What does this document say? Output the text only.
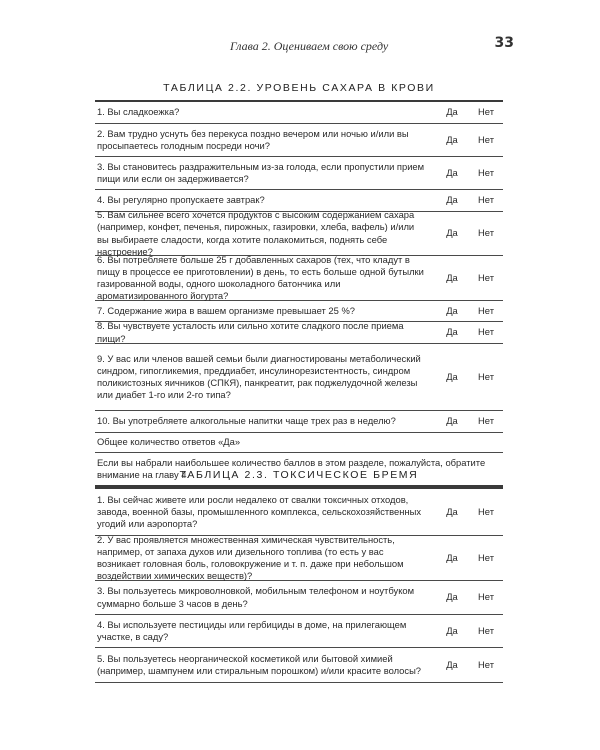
Глава 2. Оцениваем свою среду	33
ТАБЛИЦА 2.2. УРОВЕНЬ САХАРА В КРОВИ
1. Вы сладкоежка?	Да	Нет
2. Вам трудно уснуть без перекуса поздно вечером или ночью и/или вы просыпаетесь голодным посреди ночи?
Да	Нет
3. Вы становитесь раздражительным из-за голода, если пропустили прием пищи или если он задерживается?
Да	Нет
4. Вы регулярно пропускаете завтрак?	Да	Нет
5. Вам сильнее всего хочется продуктов с высоким содержанием сахара (например, конфет, печенья, пирожных, газировки, хлеба, вафель) и/или вы выбираете сладости, когда хотите полакомиться, поднять себе настроение?
Да	Нет
6. Вы потребляете больше 25 г добавленных сахаров (тех, что кладут в пищу в процессе ее приготовлении) в день, то есть больше одной бутылки газированной воды, одного шоколадного батончика или ароматизированного йогурта?
Да	Нет
7. Содержание жира в вашем организме превышает 25 %?	Да	Нет
8. Вы чувствуете усталость или сильно хотите сладкого после приема пищи?
Да	Нет
9. У вас или членов вашей семьи были диагностированы метаболический синдром, гипогликемия, преддиабет, инсулинорезистентность, синдром поликистозных яичников (СПКЯ), панкреатит, рак поджелудочной железы или диабет 1-го или 2-го типа?
Да	Нет
10. Вы употребляете алкогольные напитки чаще трех раз в неделю?	Да	Нет
Общее количество ответов «Да»
Если вы набрали наибольшее количество баллов в этом разделе, пожалуйста, обратите внимание на главу 4.
ТАБЛИЦА 2.3. ТОКСИЧЕСКОЕ БРЕМЯ
1. Вы сейчас живете или росли недалеко от свалки токсичных отходов, завода, военной базы, промышленного комплекса, сельскохозяйственных угодий или аэропорта?
Да	Нет
2. У вас проявляется множественная химическая чувствительность, например, от запаха духов или дизельного топлива (то есть у вас возникает головная боль, головокружение и т. п. даже при небольшом воздействии химических веществ)?
Да	Нет
3. Вы пользуетесь микроволновкой, мобильным телефоном и ноутбуком суммарно больше 3 часов в день?
Да	Нет
4. Вы используете пестициды или гербициды в доме, на прилегающем участке, в саду?
Да	Нет
5. Вы пользуетесь неорганической косметикой или бытовой химией (например, шампунем или стиральным порошком) и/или красите волосы?
Да	Нет
